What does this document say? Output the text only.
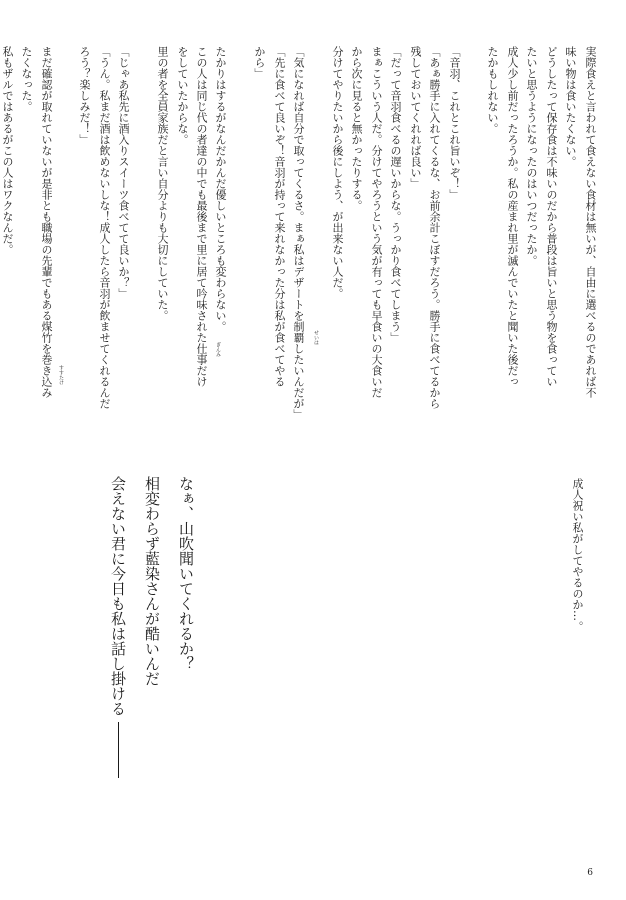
実際食えと言われて食えない食材は無いが、自由に選べるのであれば不
味い物は食いたくない。
どうしたって保存食は不味いのだから普段は旨いと思う物を食ってい
たいと思うようになったのはいつだったか。
成人少し前だったろうか。私の産まれ里が滅んでいたと聞いた後だっ
たかもしれない。
「音羽、これとこれ旨いぞ！」
「あぁ勝手に入れてくるな、お前余計こぼすだろう。勝手に食べてるから
残しておいてくれれば良い」
「だって音羽食べるの遅いからな。うっかり食べてしまう」
まぁこういう人だ。分けてやろうという気が有っても早食いの大食いだ
から次に見ると無かったりする。
分けてやりたいから後にしよう、が出来ない人だ。
「気になれば自分で取ってくるさ。まぁ私はデザートを制覇したいんだが」
「先に食べて良いぞ！音羽が持って来れなかった分は私が食べてやる
から」
たかりはするがなんだかんだ優しいところも変わらない。
この人は同じ代の者達の中でも最後まで里に居て吟味された仕事だけ
をしていたからな。
里の者を全員家族だと言い自分よりも大切にしていた。
「じゃあ私先に酒入りスイーツ食べてて良いか？」
「うん。私まだ酒は飲めないしな！成人したら音羽が飲ませてくれるんだ
ろう？楽しみだ！」
まだ確認が取れていないが是非とも職場の先輩でもある煤竹を巻き込み
たくなった。
私もザルではあるがこの人はワクなんだ。
せいは
ぎんみ
すすたけ
成人祝い私がしてやるのか…。
なぁ、山吹聞いてくれるか？
相変わらず藍染さんが酷いんだ
会えない君に今日も私は話し掛ける
6
